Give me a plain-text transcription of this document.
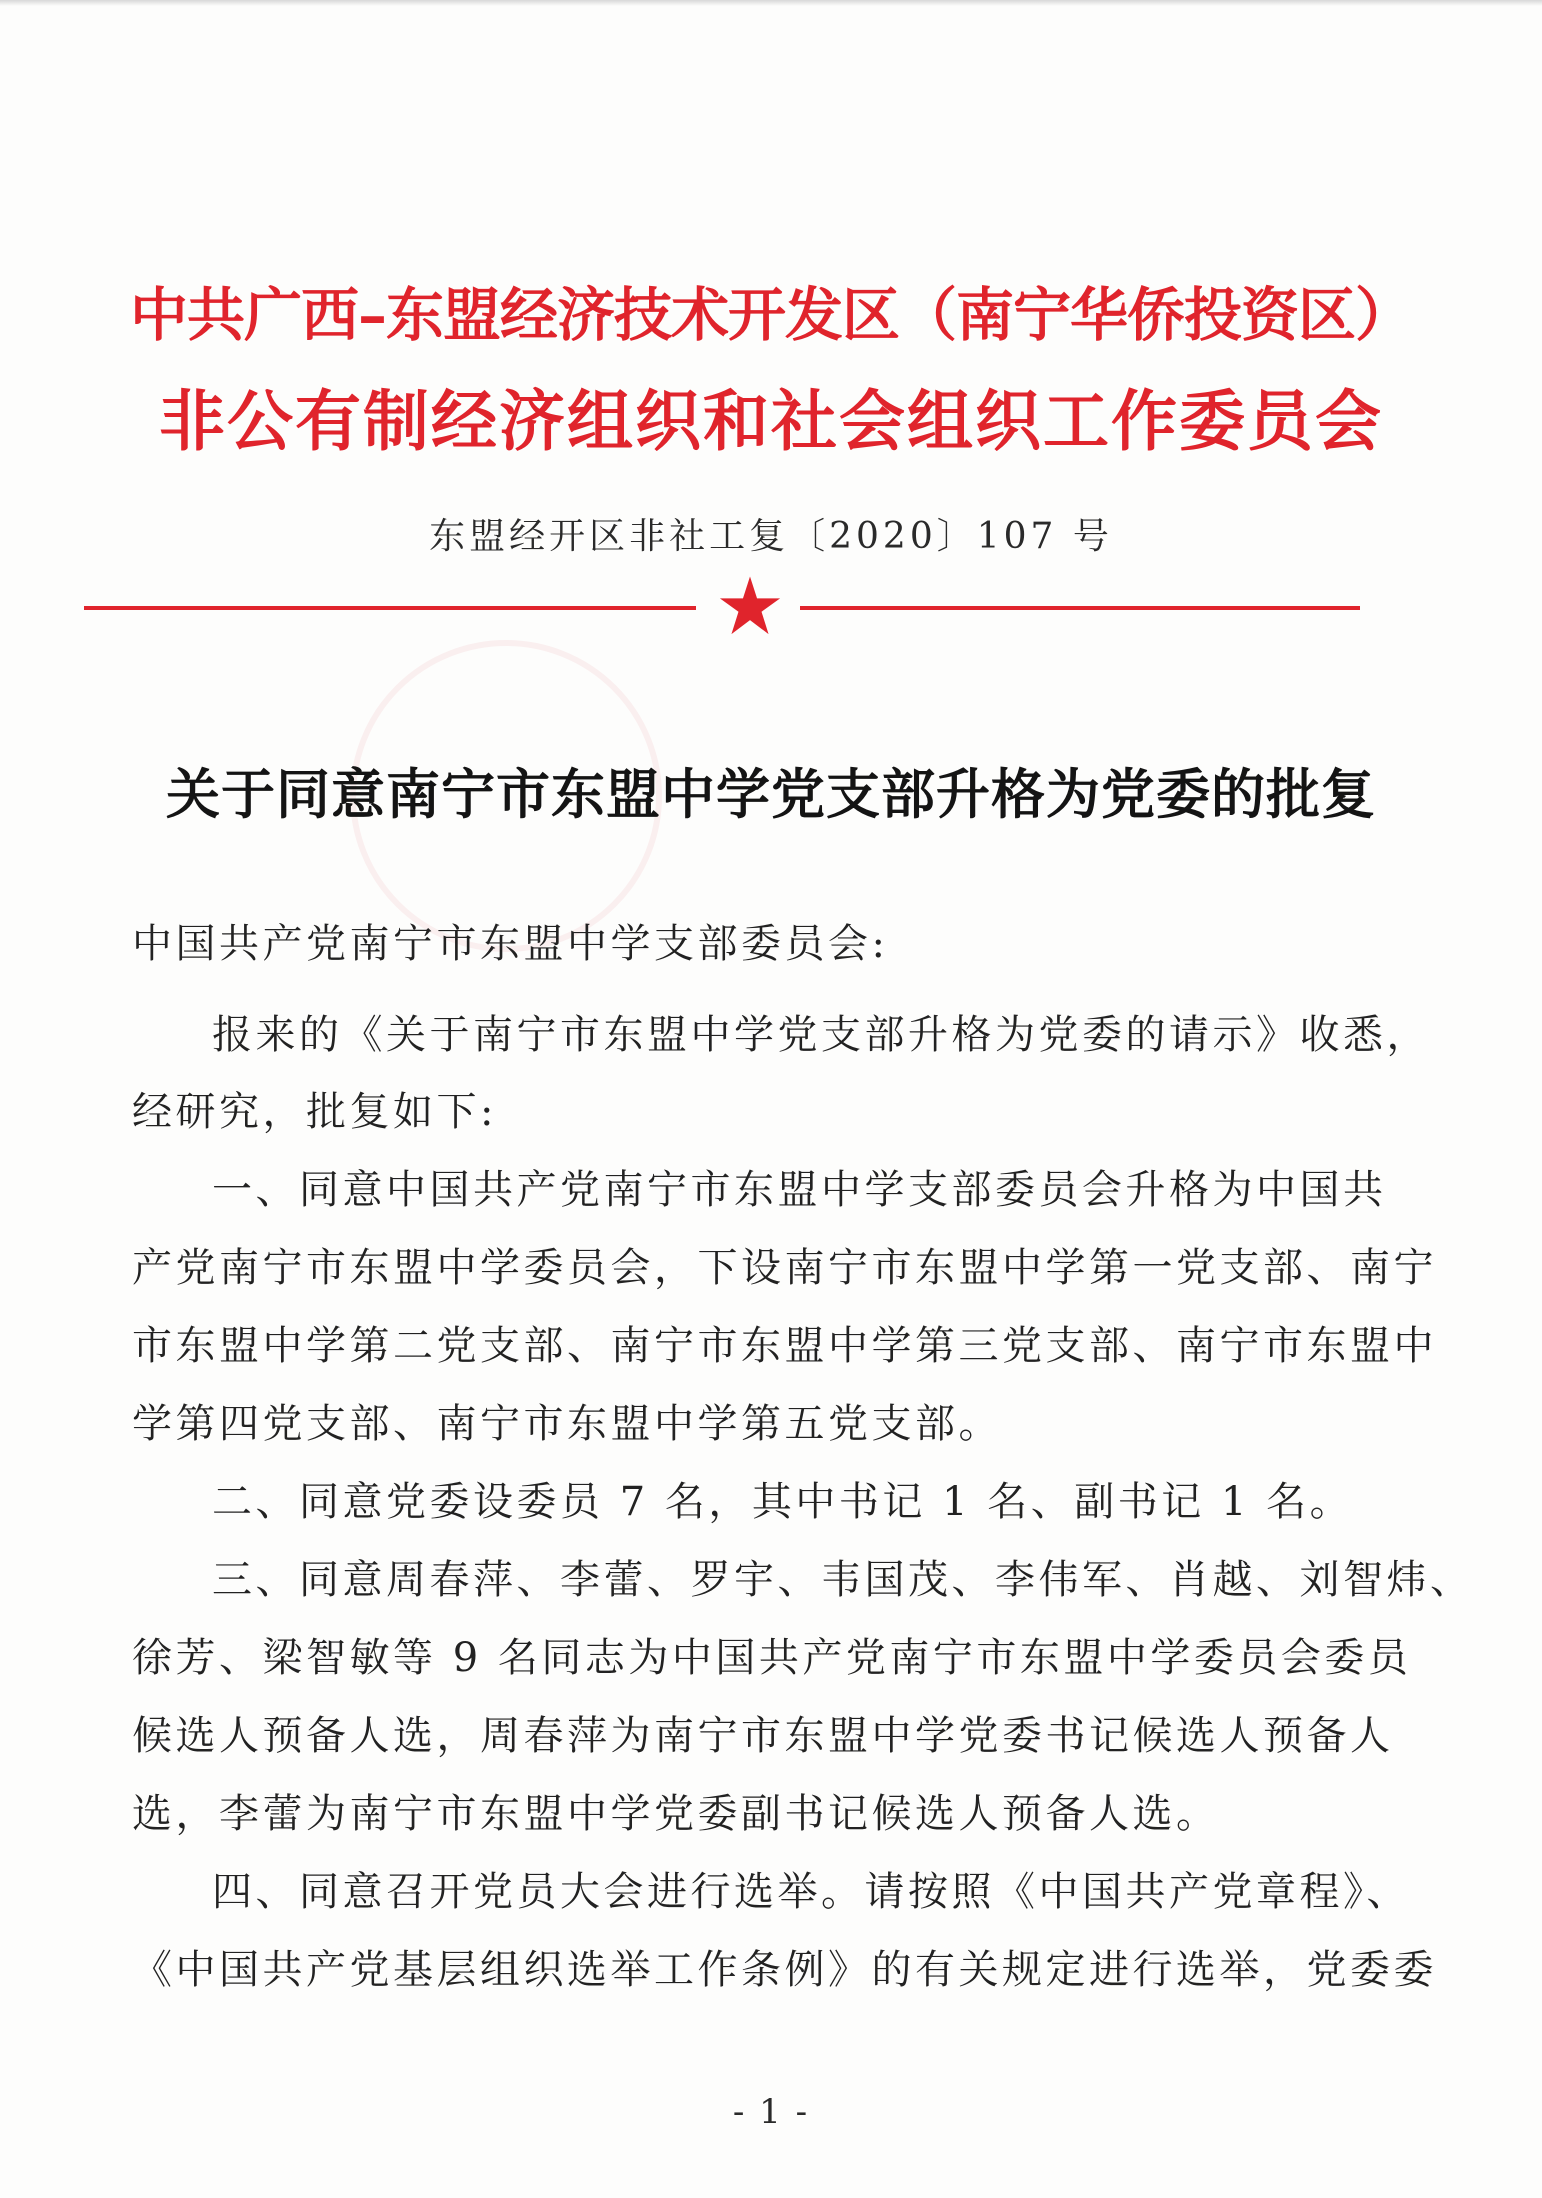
中共广西–东盟经济技术开发区（南宁华侨投资区）
非公有制经济组织和社会组织工作委员会
东盟经开区非社工复〔2020〕107 号
关于同意南宁市东盟中学党支部升格为党委的批复
中国共产党南宁市东盟中学支部委员会:
报来的《关于南宁市东盟中学党支部升格为党委的请示》收悉，
经研究，批复如下:
一、同意中国共产党南宁市东盟中学支部委员会升格为中国共
产党南宁市东盟中学委员会，下设南宁市东盟中学第一党支部、南宁
市东盟中学第二党支部、南宁市东盟中学第三党支部、南宁市东盟中
学第四党支部、南宁市东盟中学第五党支部。
二、同意党委设委员 7 名，其中书记 1 名、副书记 1 名。
三、同意周春萍、李蕾、罗宇、韦国茂、李伟军、肖越、刘智炜、
徐芳、梁智敏等 9 名同志为中国共产党南宁市东盟中学委员会委员
候选人预备人选，周春萍为南宁市东盟中学党委书记候选人预备人
选，李蕾为南宁市东盟中学党委副书记候选人预备人选。
四、同意召开党员大会进行选举。请按照《中国共产党章程》、
《中国共产党基层组织选举工作条例》的有关规定进行选举，党委委
- 1 -
